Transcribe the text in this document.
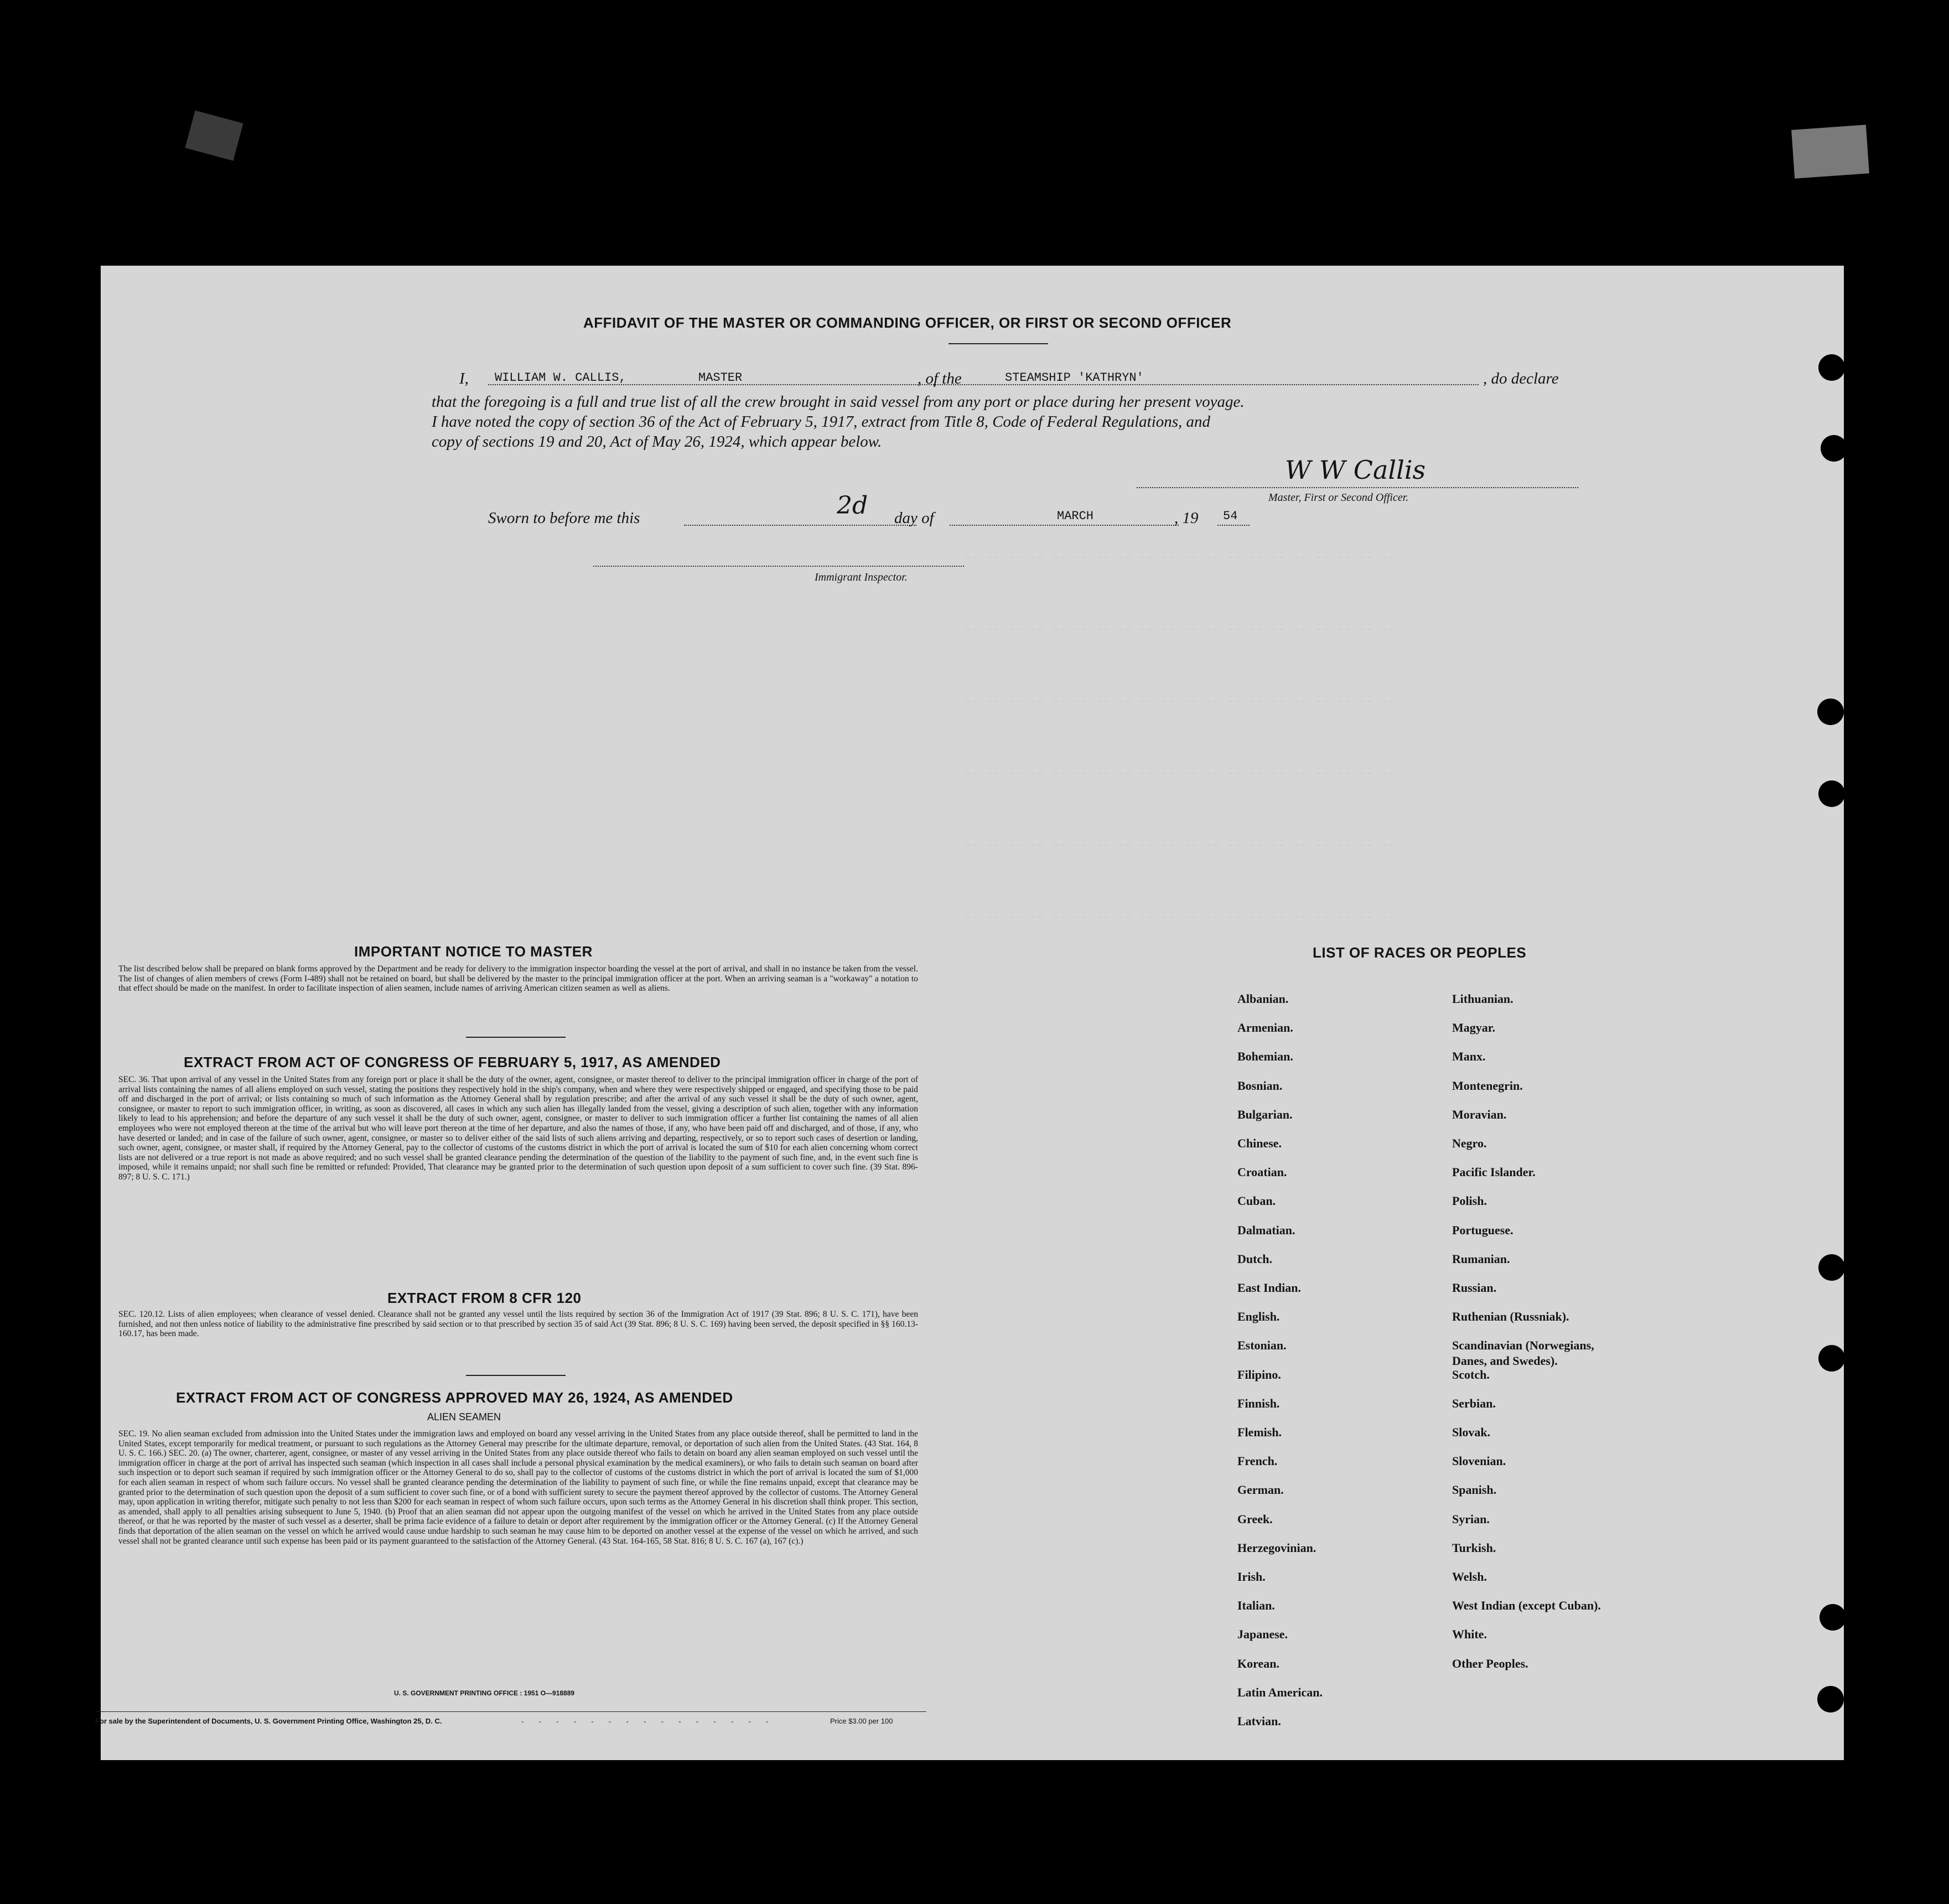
-- -- -- -- -- -- -- -- -- -- -- -- -- -- -- -- -- -- -- --
-- -- -- -- -- -- -- -- -- -- -- -- -- -- -- -- -- -- -- --
-- -- -- -- -- -- -- -- -- -- -- -- -- -- -- -- -- -- -- --
-- -- -- -- -- -- -- -- -- -- -- -- -- -- -- -- -- -- -- --
-- -- -- -- -- -- -- -- -- -- -- -- -- -- -- -- -- -- -- --
-- -- -- -- -- -- -- -- -- -- -- -- -- -- -- -- -- -- -- --
AFFIDAVIT OF THE MASTER OR COMMANDING OFFICER, OR FIRST OR SECOND OFFICER
I, WILLIAM W. CALLIS,	MASTER	, of the	STEAMSHIP 'KATHRYN'	, do declare
that the foregoing is a full and true list of all the crew brought in said vessel from any port or place during her present voyage.
I have noted the copy of section 36 of the Act of February 5, 1917, extract from Title 8, Code of Federal Regulations, and
copy of sections 19 and 20, Act of May 26, 1924, which appear below.
W W Callis
Master, First or Second Officer.
Sworn to before me this	2d day of	MARCH	, 19 54
Immigrant Inspector.
IMPORTANT NOTICE TO MASTER
The list described below shall be prepared on blank forms approved by the Department and be ready for delivery to the immigration inspector boarding the vessel at the port of arrival, and shall in no instance be taken from the vessel. The list of changes of alien members of crews (Form I-489) shall not be retained on board, but shall be delivered by the master to the principal immigration officer at the port. When an arriving seaman is a "workaway" a notation to that effect should be made on the manifest. In order to facilitate inspection of alien seamen, include names of arriving American citizen seamen as well as aliens.
EXTRACT FROM ACT OF CONGRESS OF FEBRUARY 5, 1917, AS AMENDED
SEC. 36. That upon arrival of any vessel in the United States from any foreign port or place it shall be the duty of the owner, agent, consignee, or master thereof to deliver to the principal immigration officer in charge of the port of arrival lists containing the names of all aliens employed on such vessel, stating the positions they respectively hold in the ship's company, when and where they were respectively shipped or engaged, and specifying those to be paid off and discharged in the port of arrival; or lists containing so much of such information as the Attorney General shall by regulation prescribe; and after the arrival of any such vessel it shall be the duty of such owner, agent, consignee, or master to report to such immigration officer, in writing, as soon as discovered, all cases in which any such alien has illegally landed from the vessel, giving a description of such alien, together with any information likely to lead to his apprehension; and before the departure of any such vessel it shall be the duty of such owner, agent, consignee, or master to deliver to such immigration officer a further list containing the names of all alien employees who were not employed thereon at the time of the arrival but who will leave port thereon at the time of her departure, and also the names of those, if any, who have been paid off and discharged, and of those, if any, who have deserted or landed; and in case of the failure of such owner, agent, consignee, or master so to deliver either of the said lists of such aliens arriving and departing, respectively, or so to report such cases of desertion or landing, such owner, agent, consignee, or master shall, if required by the Attorney General, pay to the collector of customs of the customs district in which the port of arrival is located the sum of $10 for each alien concerning whom correct lists are not delivered or a true report is not made as above required; and no such vessel shall be granted clearance pending the determination of the question of the liability to the payment of such fine, and, in the event such fine is imposed, while it remains unpaid; nor shall such fine be remitted or refunded: Provided, That clearance may be granted prior to the determination of such question upon deposit of a sum sufficient to cover such fine. (39 Stat. 896-897; 8 U. S. C. 171.)
EXTRACT FROM 8 CFR 120
SEC. 120.12. Lists of alien employees; when clearance of vessel denied. Clearance shall not be granted any vessel until the lists required by section 36 of the Immigration Act of 1917 (39 Stat. 896; 8 U. S. C. 171), have been furnished, and not then unless notice of liability to the administrative fine prescribed by said section or to that prescribed by section 35 of said Act (39 Stat. 896; 8 U. S. C. 169) having been served, the deposit specified in §§ 160.13-160.17, has been made.
EXTRACT FROM ACT OF CONGRESS APPROVED MAY 26, 1924, AS AMENDED
ALIEN SEAMEN
SEC. 19. No alien seaman excluded from admission into the United States under the immigration laws and employed on board any vessel arriving in the United States from any place outside thereof, shall be permitted to land in the United States, except temporarily for medical treatment, or pursuant to such regulations as the Attorney General may prescribe for the ultimate departure, removal, or deportation of such alien from the United States. (43 Stat. 164, 8 U. S. C. 166.) SEC. 20. (a) The owner, charterer, agent, consignee, or master of any vessel arriving in the United States from any place outside thereof who fails to detain on board any alien seaman employed on such vessel until the immigration officer in charge at the port of arrival has inspected such seaman (which inspection in all cases shall include a personal physical examination by the medical examiners), or who fails to detain such seaman on board after such inspection or to deport such seaman if required by such immigration officer or the Attorney General to do so, shall pay to the collector of customs of the customs district in which the port of arrival is located the sum of $1,000 for each alien seaman in respect of whom such failure occurs. No vessel shall be granted clearance pending the determination of the liability to payment of such fine, or while the fine remains unpaid, except that clearance may be granted prior to the determination of such question upon the deposit of a sum sufficient to cover such fine, or of a bond with sufficient surety to secure the payment thereof approved by the collector of customs. The Attorney General may, upon application in writing therefor, mitigate such penalty to not less than $200 for each seaman in respect of whom such failure occurs, upon such terms as the Attorney General in his discretion shall think proper. This section, as amended, shall apply to all penalties arising subsequent to June 5, 1940. (b) Proof that an alien seaman did not appear upon the outgoing manifest of the vessel on which he arrived in the United States from any place outside thereof, or that he was reported by the master of such vessel as a deserter, shall be prima facie evidence of a failure to detain or deport after requirement by the immigration officer or the Attorney General. (c) If the Attorney General finds that deportation of the alien seaman on the vessel on which he arrived would cause undue hardship to such seaman he may cause him to be deported on another vessel at the expense of the vessel on which he arrived, and such vessel shall not be granted clearance until such expense has been paid or its payment guaranteed to the satisfaction of the Attorney General. (43 Stat. 164-165, 58 Stat. 816; 8 U. S. C. 167 (a), 167 (c).)
U. S. GOVERNMENT PRINTING OFFICE : 1951 O—918889
For sale by the Superintendent of Documents, U. S. Government Printing Office, Washington 25, D. C.	- - - - - - - - - - - - - - -	Price $3.00 per 100
LIST OF RACES OR PEOPLES
Albanian.
Armenian.
Bohemian.
Bosnian.
Bulgarian.
Chinese.
Croatian.
Cuban.
Dalmatian.
Dutch.
East Indian.
English.
Estonian.
Filipino.
Finnish.
Flemish.
French.
German.
Greek.
Herzegovinian.
Irish.
Italian.
Japanese.
Korean.
Latin American.
Latvian.
Lithuanian.
Magyar.
Manx.
Montenegrin.
Moravian.
Negro.
Pacific Islander.
Polish.
Portuguese.
Rumanian.
Russian.
Ruthenian (Russniak).
Scandinavian (Norwegians,
Danes, and Swedes).
Scotch.
Serbian.
Slovak.
Slovenian.
Spanish.
Syrian.
Turkish.
Welsh.
West Indian (except Cuban).
White.
Other Peoples.
